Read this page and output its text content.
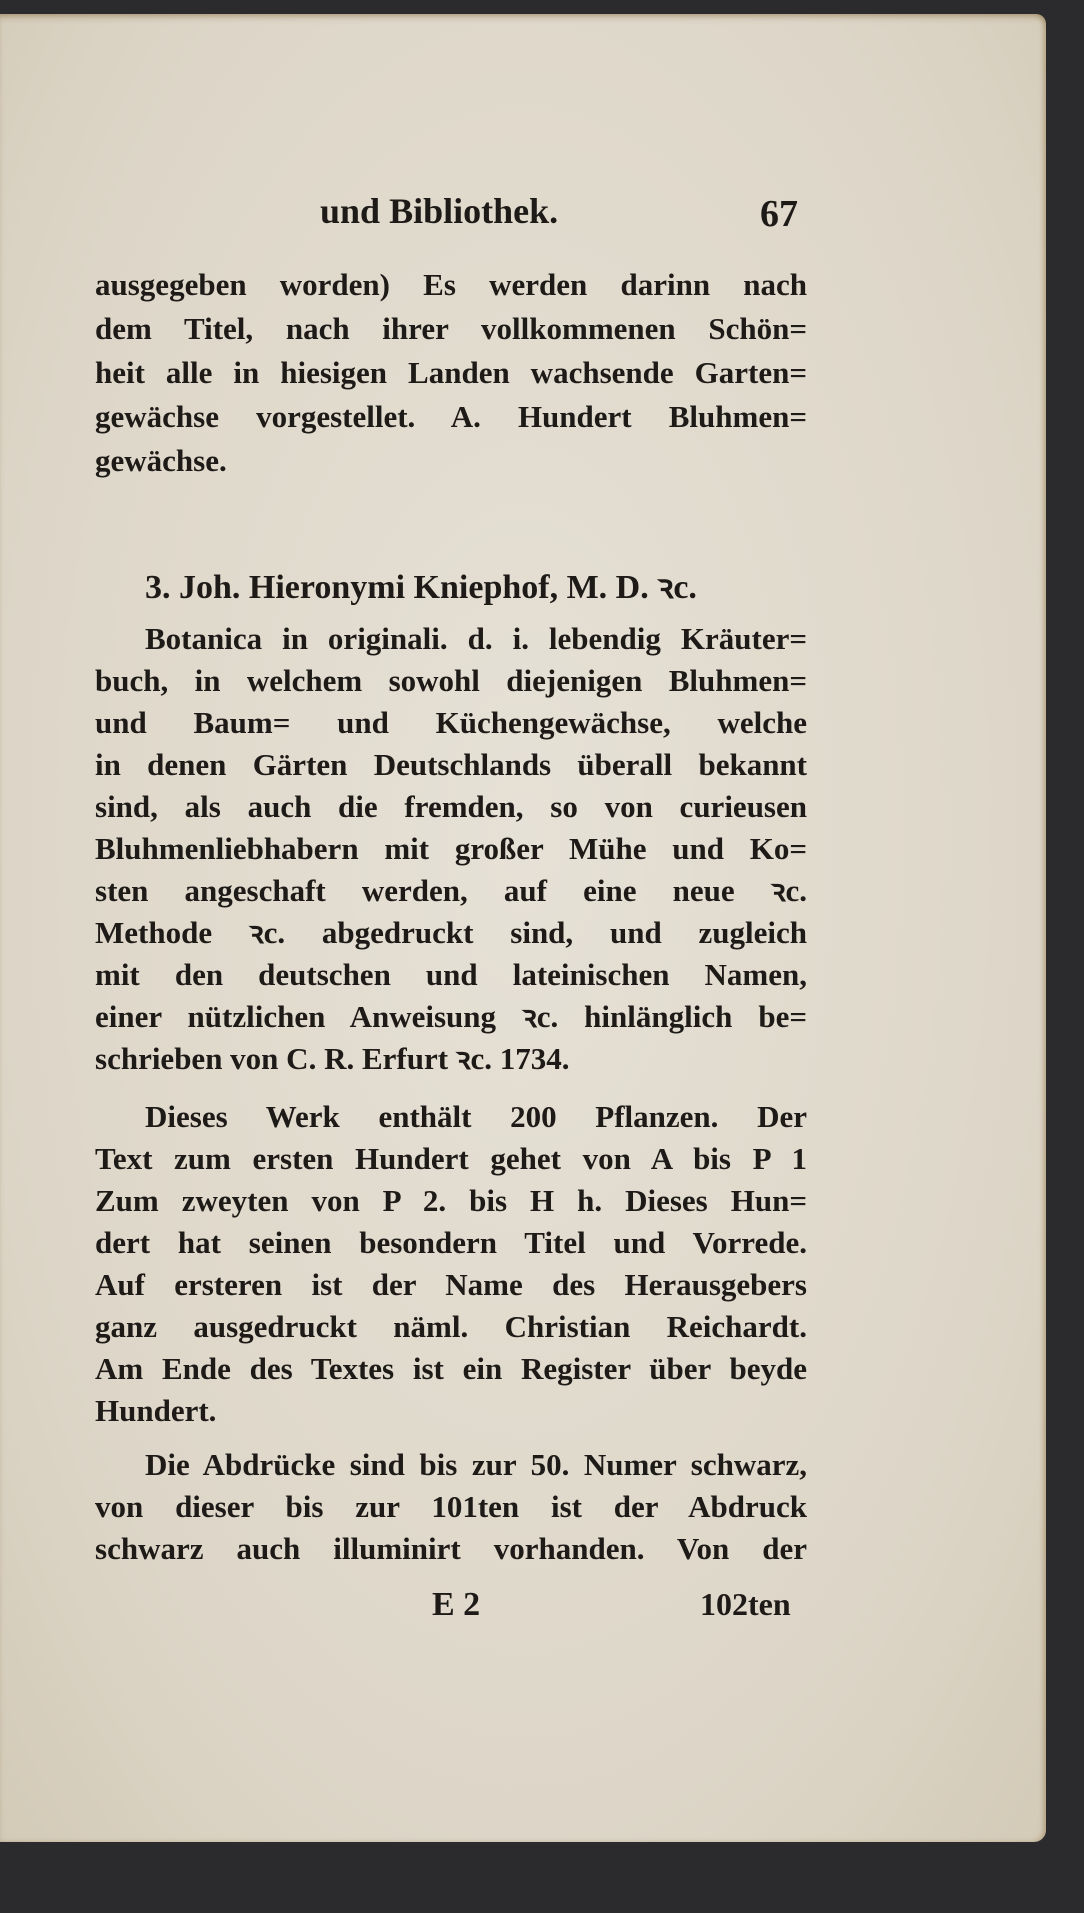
und Bibliothek.	67
ausgegeben worden) Es werden darinn nach
dem Titel, nach ihrer vollkommenen Schön=
heit alle in hiesigen Landen wachsende Garten=
gewächse vorgestellet. A. Hundert Bluhmen=
gewächse.
3. Joh. Hieronymi Kniephof, M. D. ꝛc.
Botanica in originali. d. i. lebendig Kräuter=
buch, in welchem sowohl diejenigen Bluhmen=
und Baum= und Küchengewächse, welche
in denen Gärten Deutschlands überall bekannt
sind, als auch die fremden, so von curieusen
Bluhmenliebhabern mit großer Mühe und Ko=
sten angeschaft werden, auf eine neue ꝛc.
Methode ꝛc. abgedruckt sind, und zugleich
mit den deutschen und lateinischen Namen,
einer nützlichen Anweisung ꝛc. hinlänglich be=
schrieben von C. R. Erfurt ꝛc. 1734.
Dieses Werk enthält 200 Pflanzen. Der
Text zum ersten Hundert gehet von A bis P 1
Zum zweyten von P 2. bis H h. Dieses Hun=
dert hat seinen besondern Titel und Vorrede.
Auf ersteren ist der Name des Herausgebers
ganz ausgedruckt näml. Christian Reichardt.
Am Ende des Textes ist ein Register über beyde
Hundert.
Die Abdrücke sind bis zur 50. Numer schwarz,
von dieser bis zur 101ten ist der Abdruck
schwarz auch illuminirt vorhanden. Von der
E 2	102ten
